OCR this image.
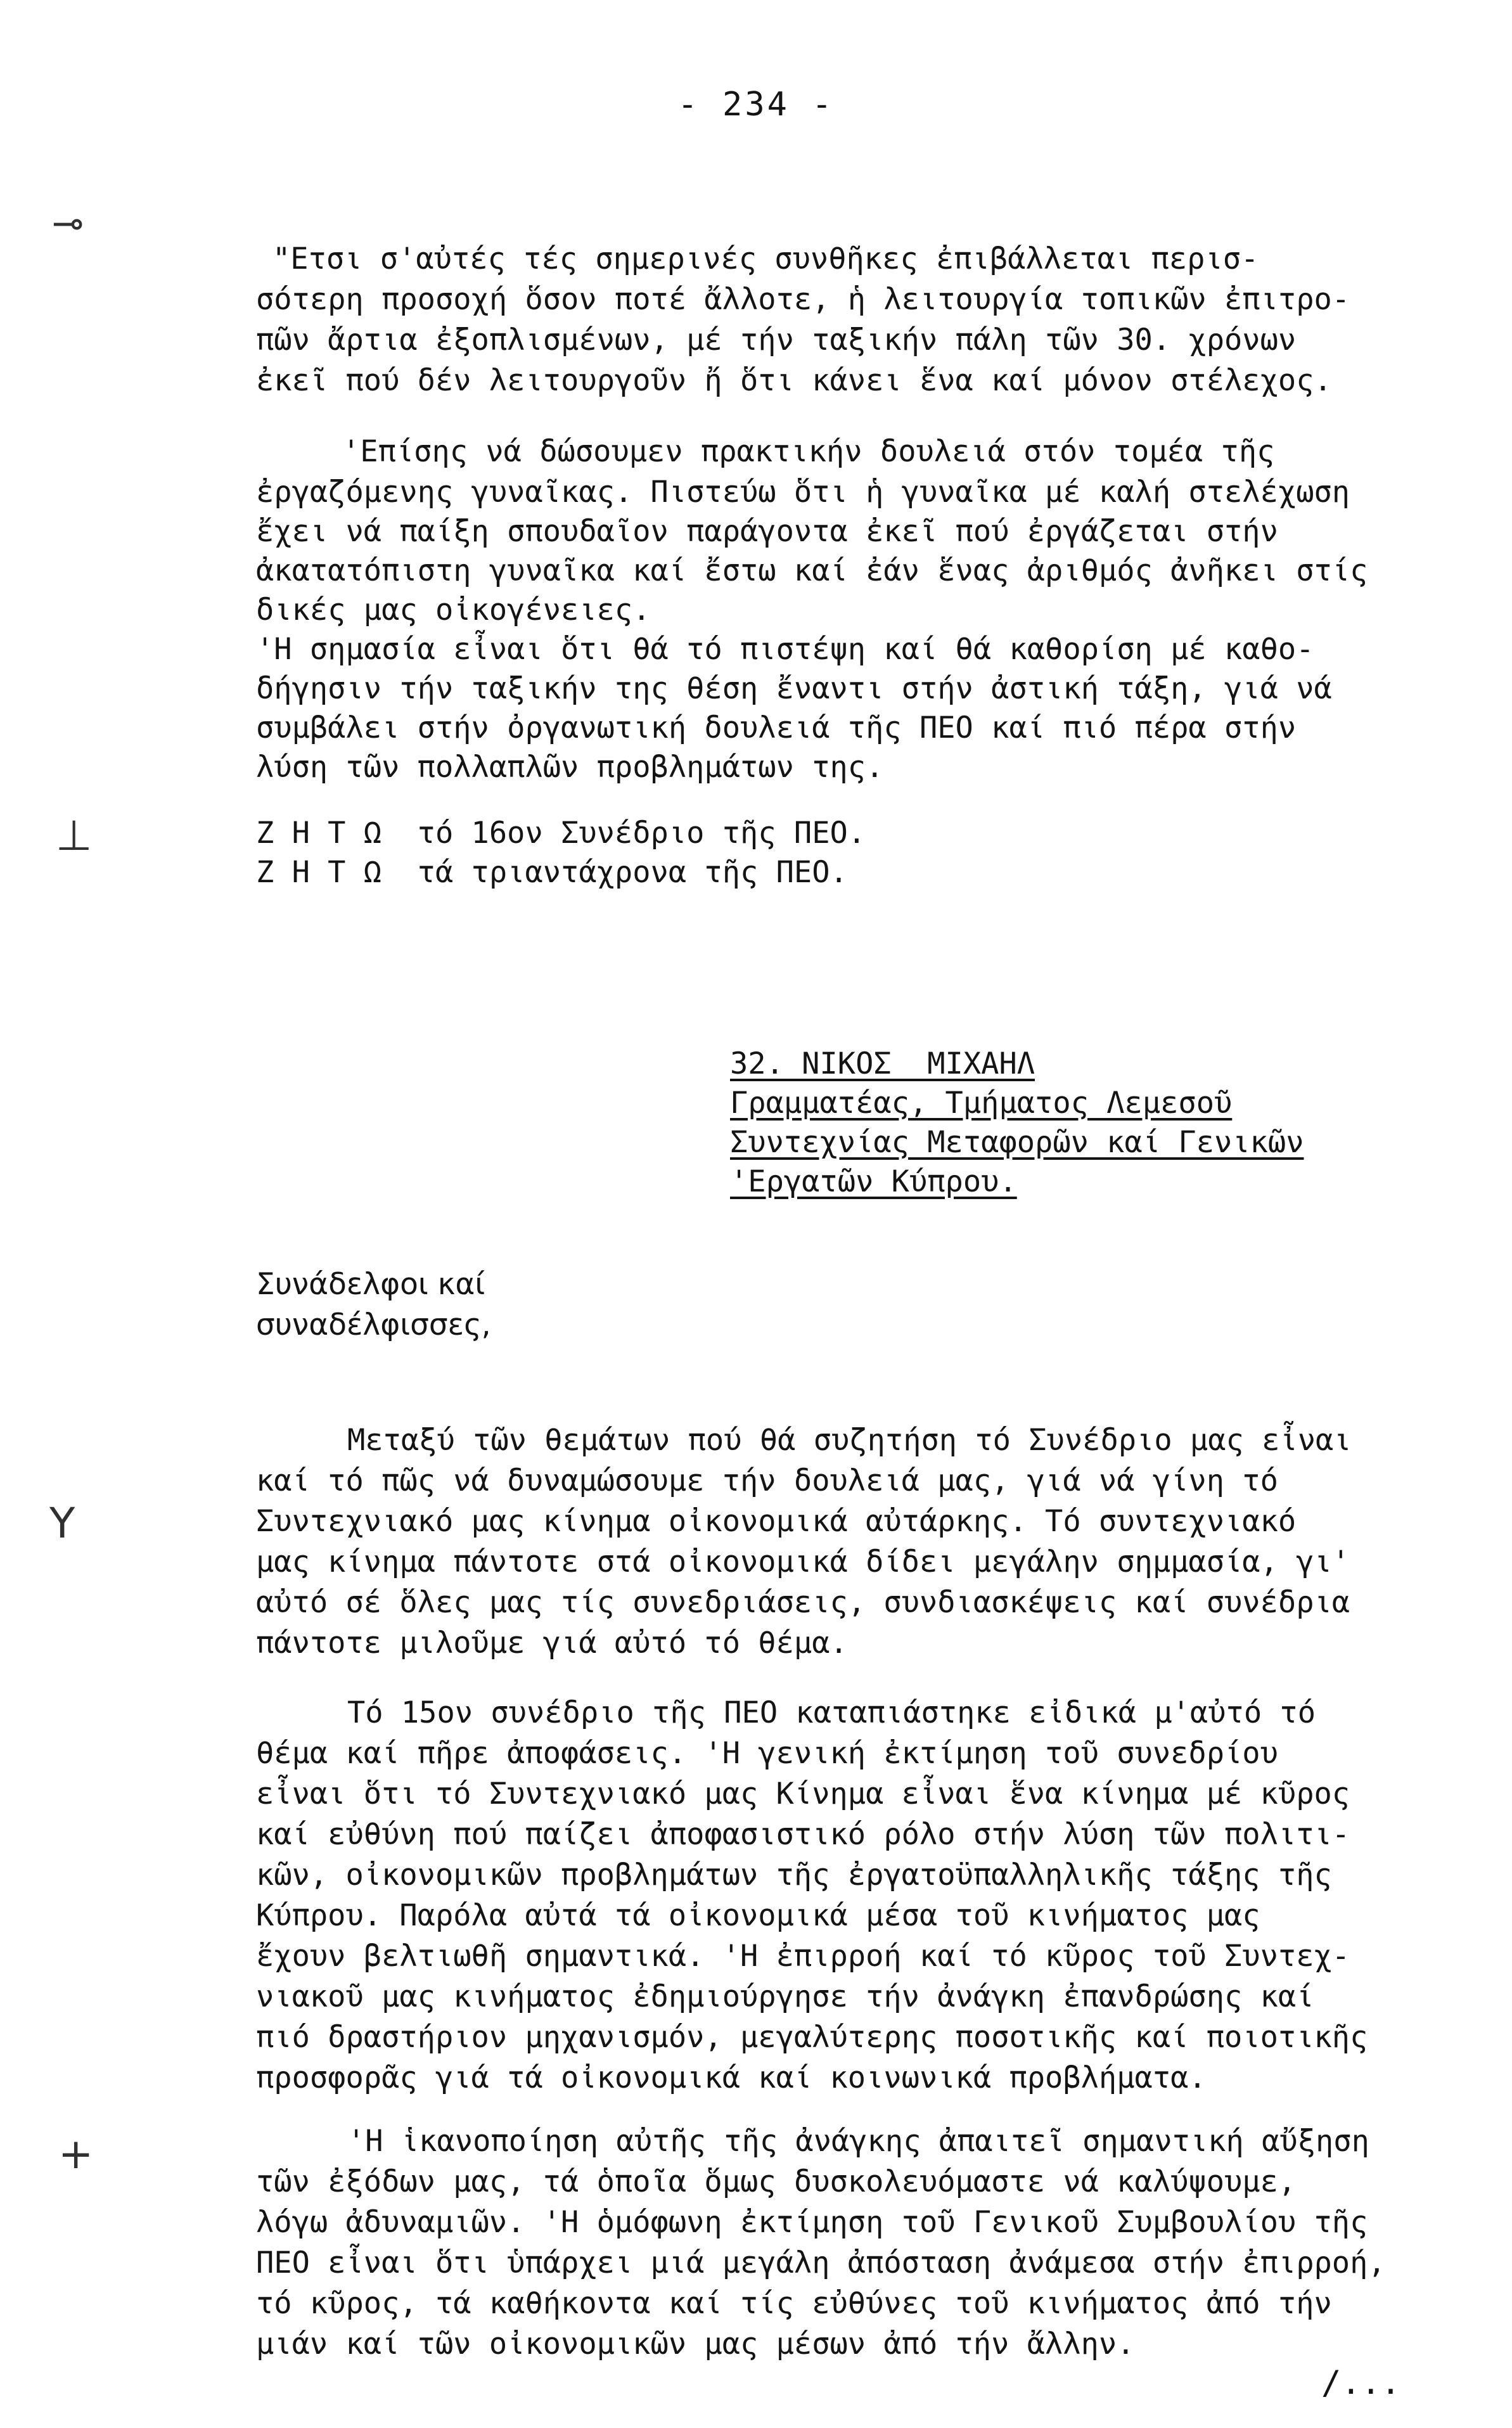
- 234 -
⊸
⊥
Y
+
"Ετσι σ'αὐτές τές σημερινές συνθῆκες ἐπιβάλλεται περισ-
σότερη προσοχή ὅσον ποτέ ἄλλοτε, ἡ λειτουργία τοπικῶν ἐπιτρο-
πῶν ἄρτια ἐξοπλισμένων, μέ τήν ταξικήν πάλη τῶν 30. χρόνων
ἐκεῖ πού δέν λειτουργοῦν ἤ ὅτι κάνει ἕνα καί μόνον στέλεχος.
'Επίσης νά δώσουμεν πρακτικήν δουλειά στόν τομέα τῆς
ἐργαζόμενης γυναῖκας. Πιστεύω ὅτι ἡ γυναῖκα μέ καλή στελέχωση
ἔχει νά παίξη σπουδαῖον παράγοντα ἐκεῖ πού ἐργάζεται στήν
ἀκατατόπιστη γυναῖκα καί ἔστω καί ἐάν ἕνας ἀριθμός ἀνῆκει στίς
δικές μας οἰκογένειες.
'Η σημασία εἶναι ὅτι θά τό πιστέψη καί θά καθορίση μέ καθο-
δήγησιν τήν ταξικήν της θέση ἔναντι στήν ἀστική τάξη, γιά νά
συμβάλει στήν ὀργανωτική δουλειά τῆς ΠΕΟ καί πιό πέρα στήν
λύση τῶν πολλαπλῶν προβλημάτων της.
Ζ Η Τ Ω  τό 16ον Συνέδριο τῆς ΠΕΟ.
Ζ Η Τ Ω  τά τριαντάχρονα τῆς ΠΕΟ.
32. ΝΙΚΟΣ  ΜΙΧΑΗΛ
Γραμματέας, Τμήματος Λεμεσοῦ
Συντεχνίας Μεταφορῶν καί Γενικῶν
'Εργατῶν Κύπρου.
Συνάδελφοι καί
συναδέλφισσες,
Μεταξύ τῶν θεμάτων πού θά συζητήση τό Συνέδριο μας εἶναι
καί τό πῶς νά δυναμώσουμε τήν δουλειά μας, γιά νά γίνη τό
Συντεχνιακό μας κίνημα οἰκονομικά αὐτάρκης. Τό συντεχνιακό
μας κίνημα πάντοτε στά οἰκονομικά δίδει μεγάλην σημμασία, γι'
αὐτό σέ ὅλες μας τίς συνεδριάσεις, συνδιασκέψεις καί συνέδρια
πάντοτε μιλοῦμε γιά αὐτό τό θέμα.
Τό 15ον συνέδριο τῆς ΠΕΟ καταπιάστηκε εἰδικά μ'αὐτό τό
θέμα καί πῆρε ἀποφάσεις. 'Η γενική ἐκτίμηση τοῦ συνεδρίου
εἶναι ὅτι τό Συντεχνιακό μας Κίνημα εἶναι ἕνα κίνημα μέ κῦρος
καί εὐθύνη πού παίζει ἀποφασιστικό ρόλο στήν λύση τῶν πολιτι-
κῶν, οἰκονομικῶν προβλημάτων τῆς ἐργατοϋπαλληλικῆς τάξης τῆς
Κύπρου. Παρόλα αὐτά τά οἰκονομικά μέσα τοῦ κινήματος μας
ἔχουν βελτιωθῆ σημαντικά. 'Η ἐπιρροή καί τό κῦρος τοῦ Συντεχ-
νιακοῦ μας κινήματος ἐδημιούργησε τήν ἀνάγκη ἐπανδρώσης καί
πιό δραστήριον μηχανισμόν, μεγαλύτερης ποσοτικῆς καί ποιοτικῆς
προσφορᾶς γιά τά οἰκονομικά καί κοινωνικά προβλήματα.
'Η ἱκανοποίηση αὐτῆς τῆς ἀνάγκης ἀπαιτεῖ σημαντική αὔξηση
τῶν ἐξόδων μας, τά ὁποῖα ὅμως δυσκολευόμαστε νά καλύψουμε,
λόγω ἀδυναμιῶν. 'Η ὁμόφωνη ἐκτίμηση τοῦ Γενικοῦ Συμβουλίου τῆς
ΠΕΟ εἶναι ὅτι ὑπάρχει μιά μεγάλη ἀπόσταση ἀνάμεσα στήν ἐπιρροή,
τό κῦρος, τά καθήκοντα καί τίς εὐθύνες τοῦ κινήματος ἀπό τήν
μιάν καί τῶν οἰκονομικῶν μας μέσων ἀπό τήν ἄλλην.
/...
